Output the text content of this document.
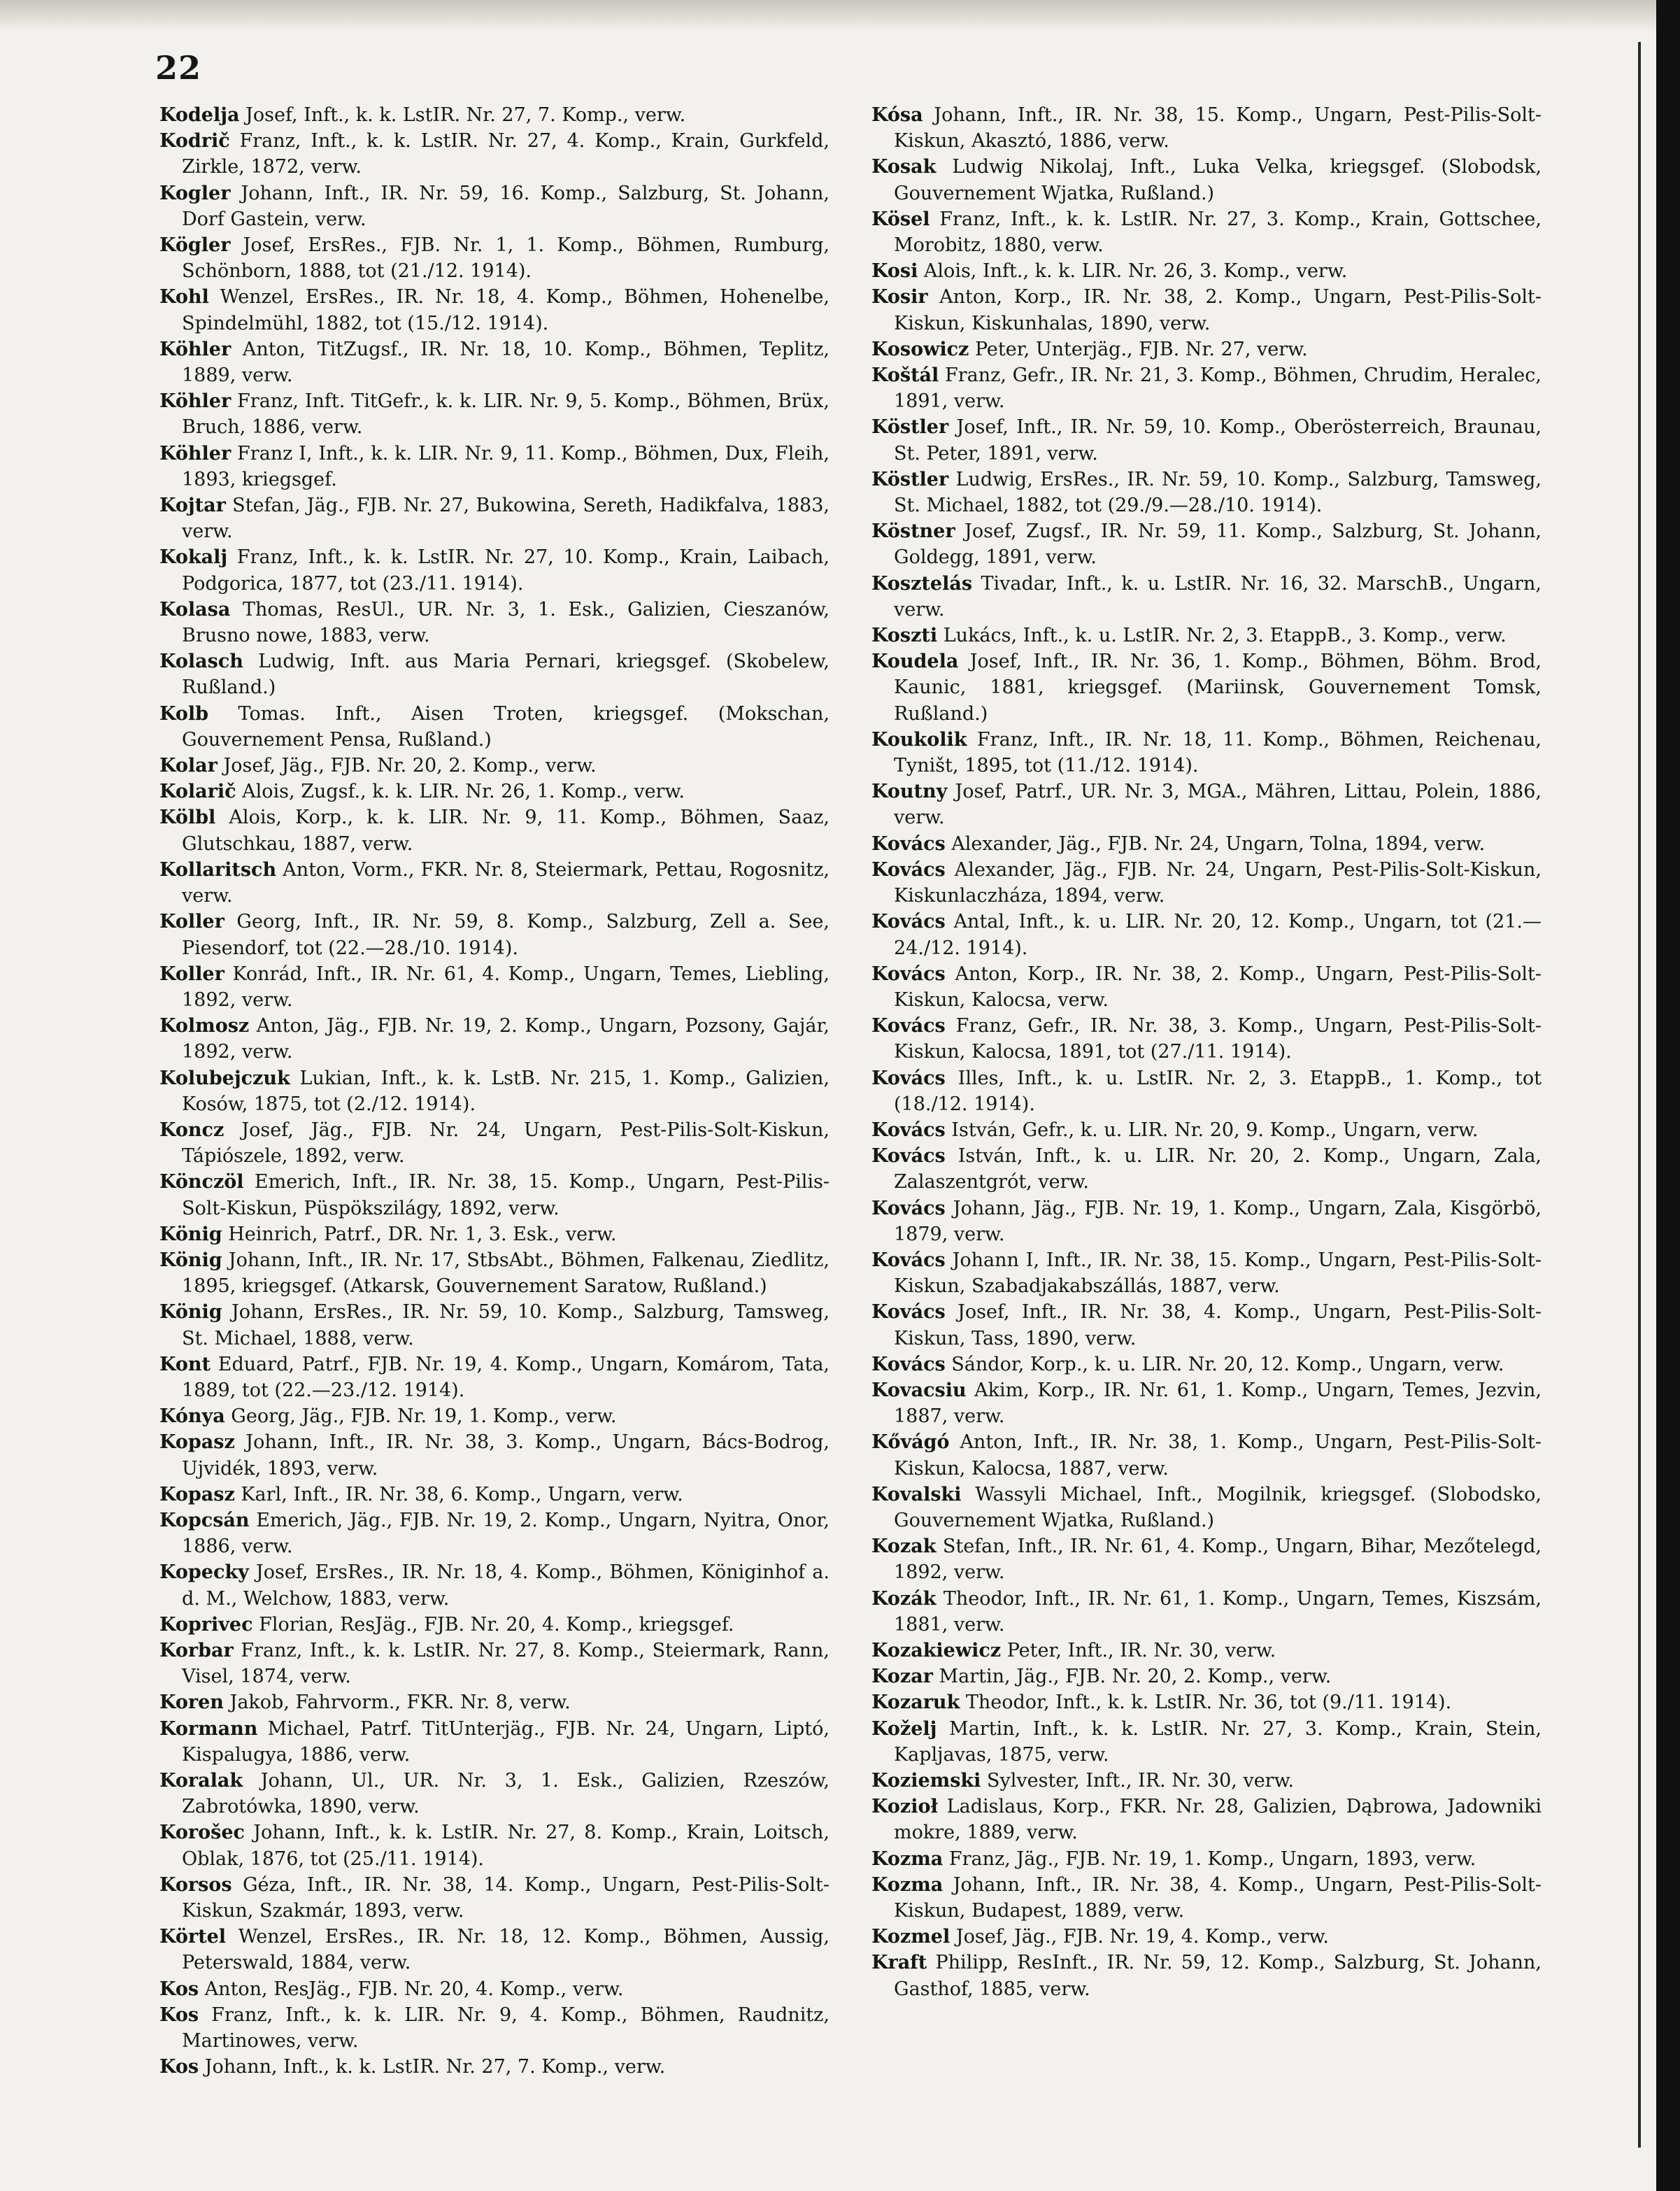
22
Kodelja Josef, Inft., k. k. LstIR. Nr. 27, 7. Komp., verw.
Kodrič Franz, Inft., k. k. LstIR. Nr. 27, 4. Komp., Krain, Gurkfeld, Zirkle, 1872, verw.
Kogler Johann, Inft., IR. Nr. 59, 16. Komp., Salzburg, St. Johann, Dorf Gastein, verw.
Kögler Josef, ErsRes., FJB. Nr. 1, 1. Komp., Böhmen, Rumburg, Schönborn, 1888, tot (21./12. 1914).
Kohl Wenzel, ErsRes., IR. Nr. 18, 4. Komp., Böhmen, Hohenelbe, Spindelmühl, 1882, tot (15./12. 1914).
Köhler Anton, TitZugsf., IR. Nr. 18, 10. Komp., Böhmen, Teplitz, 1889, verw.
Köhler Franz, Inft. TitGefr., k. k. LIR. Nr. 9, 5. Komp., Böhmen, Brüx, Bruch, 1886, verw.
Köhler Franz I, Inft., k. k. LIR. Nr. 9, 11. Komp., Böhmen, Dux, Fleih, 1893, kriegsgef.
Kojtar Stefan, Jäg., FJB. Nr. 27, Bukowina, Sereth, Hadikfalva, 1883, verw.
Kokalj Franz, Inft., k. k. LstIR. Nr. 27, 10. Komp., Krain, Laibach, Podgorica, 1877, tot (23./11. 1914).
Kolasa Thomas, ResUl., UR. Nr. 3, 1. Esk., Galizien, Cieszanów, Brusno nowe, 1883, verw.
Kolasch Ludwig, Inft. aus Maria Pernari, kriegsgef. (Skobelew, Rußland.)
Kolb Tomas. Inft., Aisen Troten, kriegsgef. (Mokschan, Gouvernement Pensa, Rußland.)
Kolar Josef, Jäg., FJB. Nr. 20, 2. Komp., verw.
Kolarič Alois, Zugsf., k. k. LIR. Nr. 26, 1. Komp., verw.
Kölbl Alois, Korp., k. k. LIR. Nr. 9, 11. Komp., Böhmen, Saaz, Glutschkau, 1887, verw.
Kollaritsch Anton, Vorm., FKR. Nr. 8, Steiermark, Pettau, Rogosnitz, verw.
Koller Georg, Inft., IR. Nr. 59, 8. Komp., Salzburg, Zell a. See, Piesendorf, tot (22.—28./10. 1914).
Koller Konrád, Inft., IR. Nr. 61, 4. Komp., Ungarn, Temes, Liebling, 1892, verw.
Kolmosz Anton, Jäg., FJB. Nr. 19, 2. Komp., Ungarn, Pozsony, Gajár, 1892, verw.
Kolubejczuk Lukian, Inft., k. k. LstB. Nr. 215, 1. Komp., Galizien, Kosów, 1875, tot (2./12. 1914).
Koncz Josef, Jäg., FJB. Nr. 24, Ungarn, Pest-Pilis-Solt-Kiskun, Tápiószele, 1892, verw.
Könczöl Emerich, Inft., IR. Nr. 38, 15. Komp., Ungarn, Pest-Pilis-Solt-Kiskun, Püspökszilágy, 1892, verw.
König Heinrich, Patrf., DR. Nr. 1, 3. Esk., verw.
König Johann, Inft., IR. Nr. 17, StbsAbt., Böhmen, Falkenau, Ziedlitz, 1895, kriegsgef. (Atkarsk, Gouvernement Saratow, Rußland.)
König Johann, ErsRes., IR. Nr. 59, 10. Komp., Salzburg, Tamsweg, St. Michael, 1888, verw.
Kont Eduard, Patrf., FJB. Nr. 19, 4. Komp., Ungarn, Komárom, Tata, 1889, tot (22.—23./12. 1914).
Kónya Georg, Jäg., FJB. Nr. 19, 1. Komp., verw.
Kopasz Johann, Inft., IR. Nr. 38, 3. Komp., Ungarn, Bács-Bodrog, Ujvidék, 1893, verw.
Kopasz Karl, Inft., IR. Nr. 38, 6. Komp., Ungarn, verw.
Kopcsán Emerich, Jäg., FJB. Nr. 19, 2. Komp., Ungarn, Nyitra, Onor, 1886, verw.
Kopecky Josef, ErsRes., IR. Nr. 18, 4. Komp., Böhmen, Königinhof a. d. M., Welchow, 1883, verw.
Koprivec Florian, ResJäg., FJB. Nr. 20, 4. Komp., kriegsgef.
Korbar Franz, Inft., k. k. LstIR. Nr. 27, 8. Komp., Steiermark, Rann, Visel, 1874, verw.
Koren Jakob, Fahrvorm., FKR. Nr. 8, verw.
Kormann Michael, Patrf. TitUnterjäg., FJB. Nr. 24, Ungarn, Liptó, Kispalugya, 1886, verw.
Koralak Johann, Ul., UR. Nr. 3, 1. Esk., Galizien, Rzeszów, Zabrotówka, 1890, verw.
Korošec Johann, Inft., k. k. LstIR. Nr. 27, 8. Komp., Krain, Loitsch, Oblak, 1876, tot (25./11. 1914).
Korsos Géza, Inft., IR. Nr. 38, 14. Komp., Ungarn, Pest-Pilis-Solt-Kiskun, Szakmár, 1893, verw.
Körtel Wenzel, ErsRes., IR. Nr. 18, 12. Komp., Böhmen, Aussig, Peterswald, 1884, verw.
Kos Anton, ResJäg., FJB. Nr. 20, 4. Komp., verw.
Kos Franz, Inft., k. k. LIR. Nr. 9, 4. Komp., Böhmen, Raudnitz, Martinowes, verw.
Kos Johann, Inft., k. k. LstIR. Nr. 27, 7. Komp., verw.
Kósa Johann, Inft., IR. Nr. 38, 15. Komp., Ungarn, Pest-Pilis-Solt-Kiskun, Akasztó, 1886, verw.
Kosak Ludwig Nikolaj, Inft., Luka Velka, kriegsgef. (Slobodsk, Gouvernement Wjatka, Rußland.)
Kösel Franz, Inft., k. k. LstIR. Nr. 27, 3. Komp., Krain, Gottschee, Morobitz, 1880, verw.
Kosi Alois, Inft., k. k. LIR. Nr. 26, 3. Komp., verw.
Kosir Anton, Korp., IR. Nr. 38, 2. Komp., Ungarn, Pest-Pilis-Solt-Kiskun, Kiskunhalas, 1890, verw.
Kosowicz Peter, Unterjäg., FJB. Nr. 27, verw.
Koštál Franz, Gefr., IR. Nr. 21, 3. Komp., Böhmen, Chrudim, Heralec, 1891, verw.
Köstler Josef, Inft., IR. Nr. 59, 10. Komp., Oberösterreich, Braunau, St. Peter, 1891, verw.
Köstler Ludwig, ErsRes., IR. Nr. 59, 10. Komp., Salzburg, Tamsweg, St. Michael, 1882, tot (29./9.—28./10. 1914).
Köstner Josef, Zugsf., IR. Nr. 59, 11. Komp., Salzburg, St. Johann, Goldegg, 1891, verw.
Kosztelás Tivadar, Inft., k. u. LstIR. Nr. 16, 32. MarschB., Ungarn, verw.
Koszti Lukács, Inft., k. u. LstIR. Nr. 2, 3. EtappB., 3. Komp., verw.
Koudela Josef, Inft., IR. Nr. 36, 1. Komp., Böhmen, Böhm. Brod, Kaunic, 1881, kriegsgef. (Mariinsk, Gouvernement Tomsk, Rußland.)
Koukolik Franz, Inft., IR. Nr. 18, 11. Komp., Böhmen, Reichenau, Tyništ, 1895, tot (11./12. 1914).
Koutny Josef, Patrf., UR. Nr. 3, MGA., Mähren, Littau, Polein, 1886, verw.
Kovács Alexander, Jäg., FJB. Nr. 24, Ungarn, Tolna, 1894, verw.
Kovács Alexander, Jäg., FJB. Nr. 24, Ungarn, Pest-Pilis-Solt-Kiskun, Kiskunlaczháza, 1894, verw.
Kovács Antal, Inft., k. u. LIR. Nr. 20, 12. Komp., Ungarn, tot (21.—24./12. 1914).
Kovács Anton, Korp., IR. Nr. 38, 2. Komp., Ungarn, Pest-Pilis-Solt-Kiskun, Kalocsa, verw.
Kovács Franz, Gefr., IR. Nr. 38, 3. Komp., Ungarn, Pest-Pilis-Solt-Kiskun, Kalocsa, 1891, tot (27./11. 1914).
Kovács Illes, Inft., k. u. LstIR. Nr. 2, 3. EtappB., 1. Komp., tot (18./12. 1914).
Kovács István, Gefr., k. u. LIR. Nr. 20, 9. Komp., Ungarn, verw.
Kovács István, Inft., k. u. LIR. Nr. 20, 2. Komp., Ungarn, Zala, Zalaszentgrót, verw.
Kovács Johann, Jäg., FJB. Nr. 19, 1. Komp., Ungarn, Zala, Kisgörbö, 1879, verw.
Kovács Johann I, Inft., IR. Nr. 38, 15. Komp., Ungarn, Pest-Pilis-Solt-Kiskun, Szabadjakabszállás, 1887, verw.
Kovács Josef, Inft., IR. Nr. 38, 4. Komp., Ungarn, Pest-Pilis-Solt-Kiskun, Tass, 1890, verw.
Kovács Sándor, Korp., k. u. LIR. Nr. 20, 12. Komp., Ungarn, verw.
Kovacsiu Akim, Korp., IR. Nr. 61, 1. Komp., Ungarn, Temes, Jezvin, 1887, verw.
Kővágó Anton, Inft., IR. Nr. 38, 1. Komp., Ungarn, Pest-Pilis-Solt-Kiskun, Kalocsa, 1887, verw.
Kovalski Wassyli Michael, Inft., Mogilnik, kriegsgef. (Slobodsko, Gouvernement Wjatka, Rußland.)
Kozak Stefan, Inft., IR. Nr. 61, 4. Komp., Ungarn, Bihar, Mezőtelegd, 1892, verw.
Kozák Theodor, Inft., IR. Nr. 61, 1. Komp., Ungarn, Temes, Kiszsám, 1881, verw.
Kozakiewicz Peter, Inft., IR. Nr. 30, verw.
Kozar Martin, Jäg., FJB. Nr. 20, 2. Komp., verw.
Kozaruk Theodor, Inft., k. k. LstIR. Nr. 36, tot (9./11. 1914).
Koželj Martin, Inft., k. k. LstIR. Nr. 27, 3. Komp., Krain, Stein, Kapljavas, 1875, verw.
Koziemski Sylvester, Inft., IR. Nr. 30, verw.
Kozioł Ladislaus, Korp., FKR. Nr. 28, Galizien, Dąbrowa, Jadowniki mokre, 1889, verw.
Kozma Franz, Jäg., FJB. Nr. 19, 1. Komp., Ungarn, 1893, verw.
Kozma Johann, Inft., IR. Nr. 38, 4. Komp., Ungarn, Pest-Pilis-Solt-Kiskun, Budapest, 1889, verw.
Kozmel Josef, Jäg., FJB. Nr. 19, 4. Komp., verw.
Kraft Philipp, ResInft., IR. Nr. 59, 12. Komp., Salzburg, St. Johann, Gasthof, 1885, verw.
